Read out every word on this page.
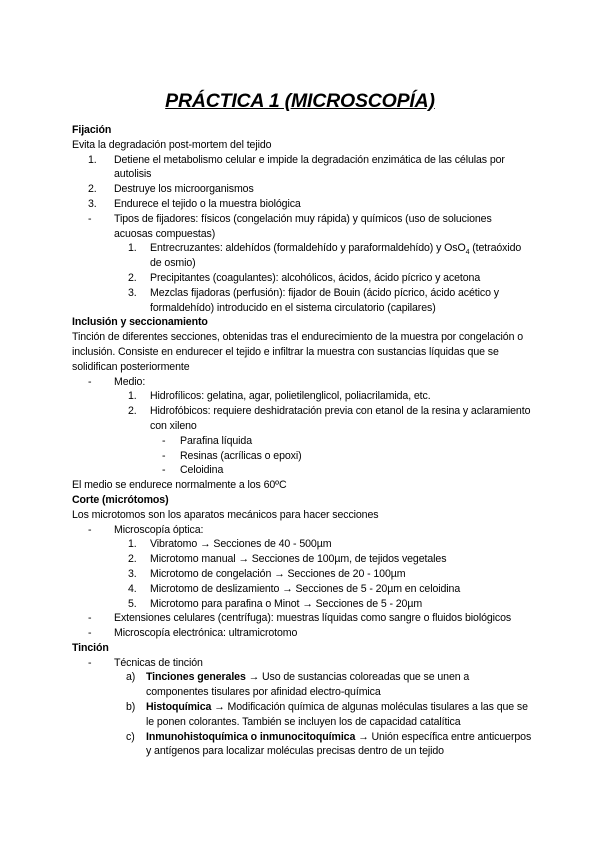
PRÁCTICA 1 (MICROSCOPÍA)
Fijación

Evita la degradación post-mortem del tejido

1. Detiene el metabolismo celular e impide la degradación enzimática de las células por autolisis
2. Destruye los microorganismos
3. Endurece el tejido o la muestra biológica
- Tipos de fijadores: físicos (congelación muy rápida) y químicos (uso de soluciones acuosas compuestas)
1. Entrecruzantes: aldehídos (formaldehído y paraformaldehído) y OsO$_4$ (tetraóxido de osmio)
2. Precipitantes (coagulantes): alcohólicos, ácidos, ácido pícrico y acetona
3. Mezclas fijadoras (perfusión): fijador de Bouin (ácido pícrico, ácido acético y formaldehído) introducido en el sistema circulatorio (capilares)
Inclusión y seccionamiento

Tinción de diferentes secciones, obtenidas tras el endurecimiento de la muestra por congelación o inclusión. Consiste en endurecer el tejido e infiltrar la muestra con sustancias líquidas que se solidifican posteriormente

- Medio:
1. Hidrofílicos: gelatina, agar, polietilenglicol, poliacrilamida, etc.
2. Hidrofóbicos: requiere deshidratación previa con etanol de la resina y aclaramiento con xileno
- Parafina líquida
- Resinas (acrílicas o epoxi)
- Celoidina

El medio se endurece normalmente a los 60ºC

Corte (micrótomos)

Los microtomos son los aparatos mecánicos para hacer secciones

- Microscopía óptica:
1. Vibratomo → Secciones de 40 - 500µm
2. Microtomo manual → Secciones de 100µm, de tejidos vegetales
3. Microtomo de congelación → Secciones de 20 - 100µm
4. Microtomo de deslizamiento → Secciones de 5 - 20µm en celoidina
5. Microtomo para parafina o Minot → Secciones de 5 - 20µm
- Extensiones celulares (centrífuga): muestras líquidas como sangre o fluidos biológicos
- Microscopía electrónica: ultramicrotomo
Tinción
- Técnicas de tinción
a) Tinciones generales → Uso de sustancias coloreadas que se unen a componentes tisulares por afinidad electro-química
b) Histoquímica → Modificación química de algunas moléculas tisulares a las que se le ponen colorantes. También se incluyen los de capacidad catalítica
c) Inmunohistoquímica o inmunocitoquímica → Unión específica entre anticuerpos y antígenos para localizar moléculas precisas dentro de un tejido
